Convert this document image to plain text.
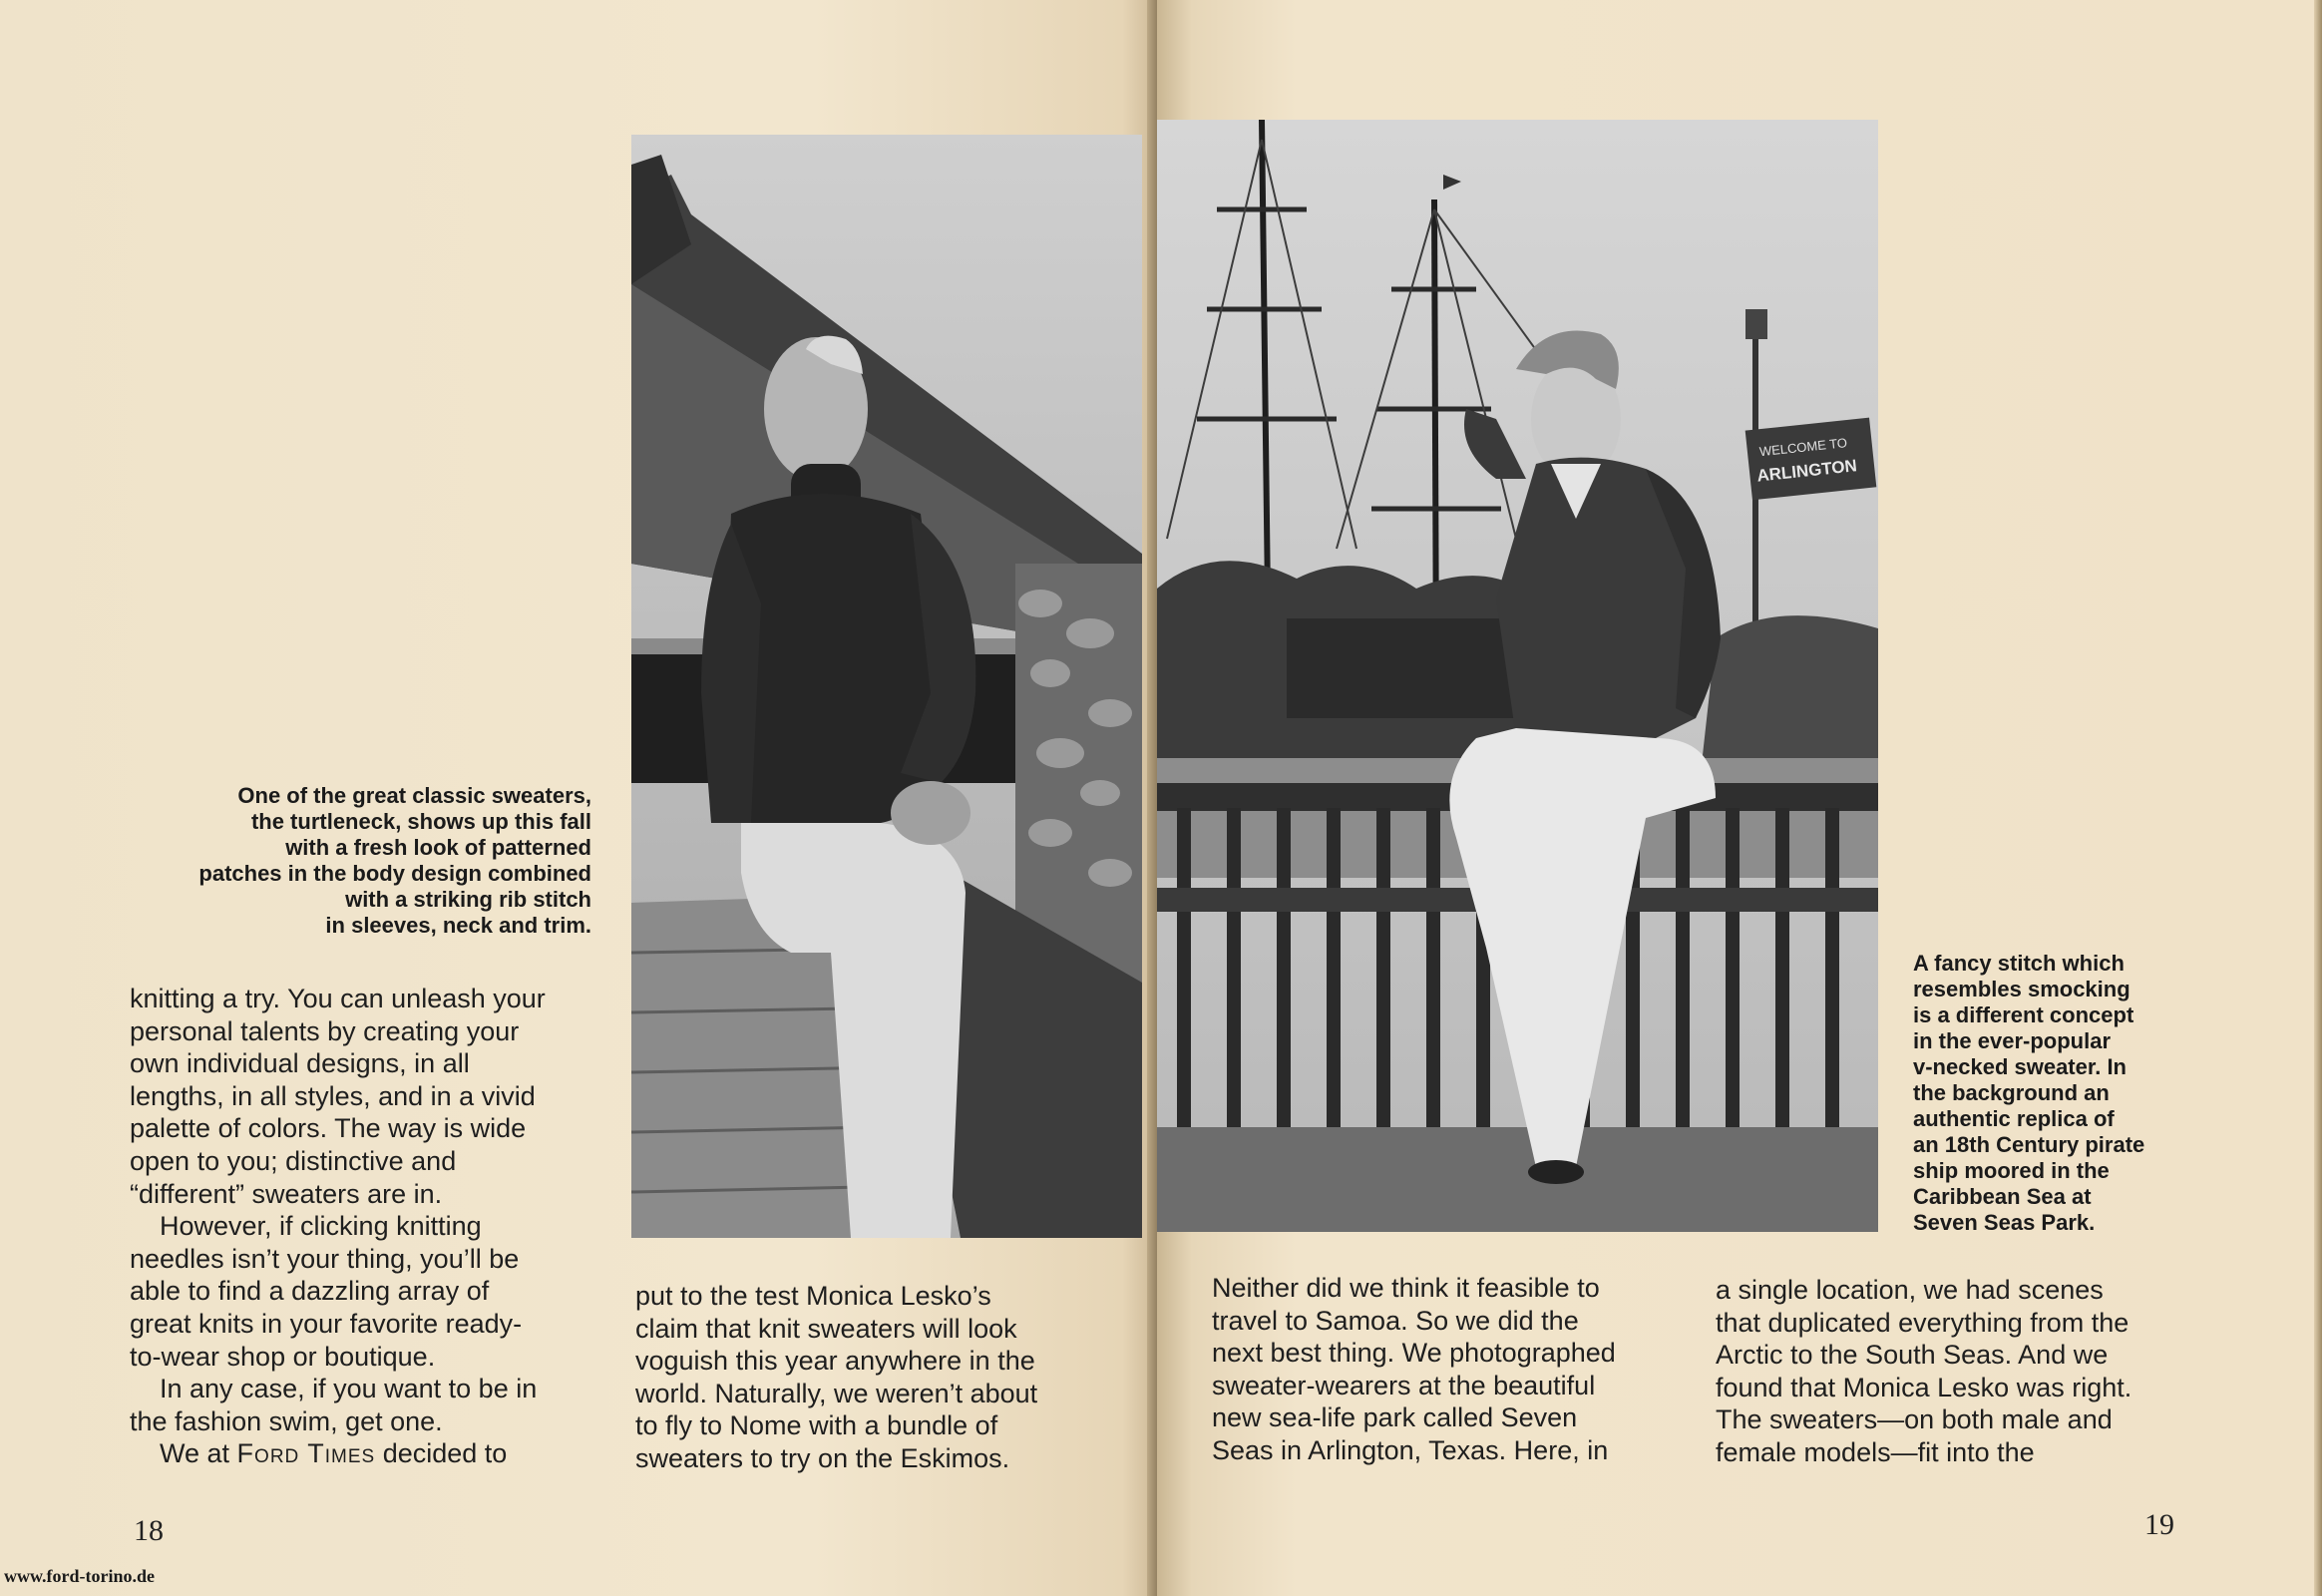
One of the great classic sweaters,
the turtleneck, shows up this fall
with a fresh look of patterned
patches in the body design combined
with a striking rib stitch
in sleeves, neck and trim.
knitting a try. You can unleash your
personal talents by creating your
own individual designs, in all
lengths, in all styles, and in a vivid
palette of colors. The way is wide
open to you; distinctive and
“different” sweaters are in.
However, if clicking knitting
needles isn’t your thing, you’ll be
able to find a dazzling array of
great knits in your favorite ready-
to-wear shop or boutique.
In any case, if you want to be in
the fashion swim, get one.
We at Ford Times decided to
put to the test Monica Lesko’s
claim that knit sweaters will look
voguish this year anywhere in the
world. Naturally, we weren’t about
to fly to Nome with a bundle of
sweaters to try on the Eskimos.
18
WELCOME TO
ARLINGTON
A fancy stitch which
resembles smocking
is a different concept
in the ever-popular
v-necked sweater. In
the background an
authentic replica of
an 18th Century pirate
ship moored in the
Caribbean Sea at
Seven Seas Park.
Neither did we think it feasible to
travel to Samoa. So we did the
next best thing. We photographed
sweater-wearers at the beautiful
new sea-life park called Seven
Seas in Arlington, Texas. Here, in
a single location, we had scenes
that duplicated everything from the
Arctic to the South Seas. And we
found that Monica Lesko was right.
The sweaters—on both male and
female models—fit into the
19
www.ford-torino.de
